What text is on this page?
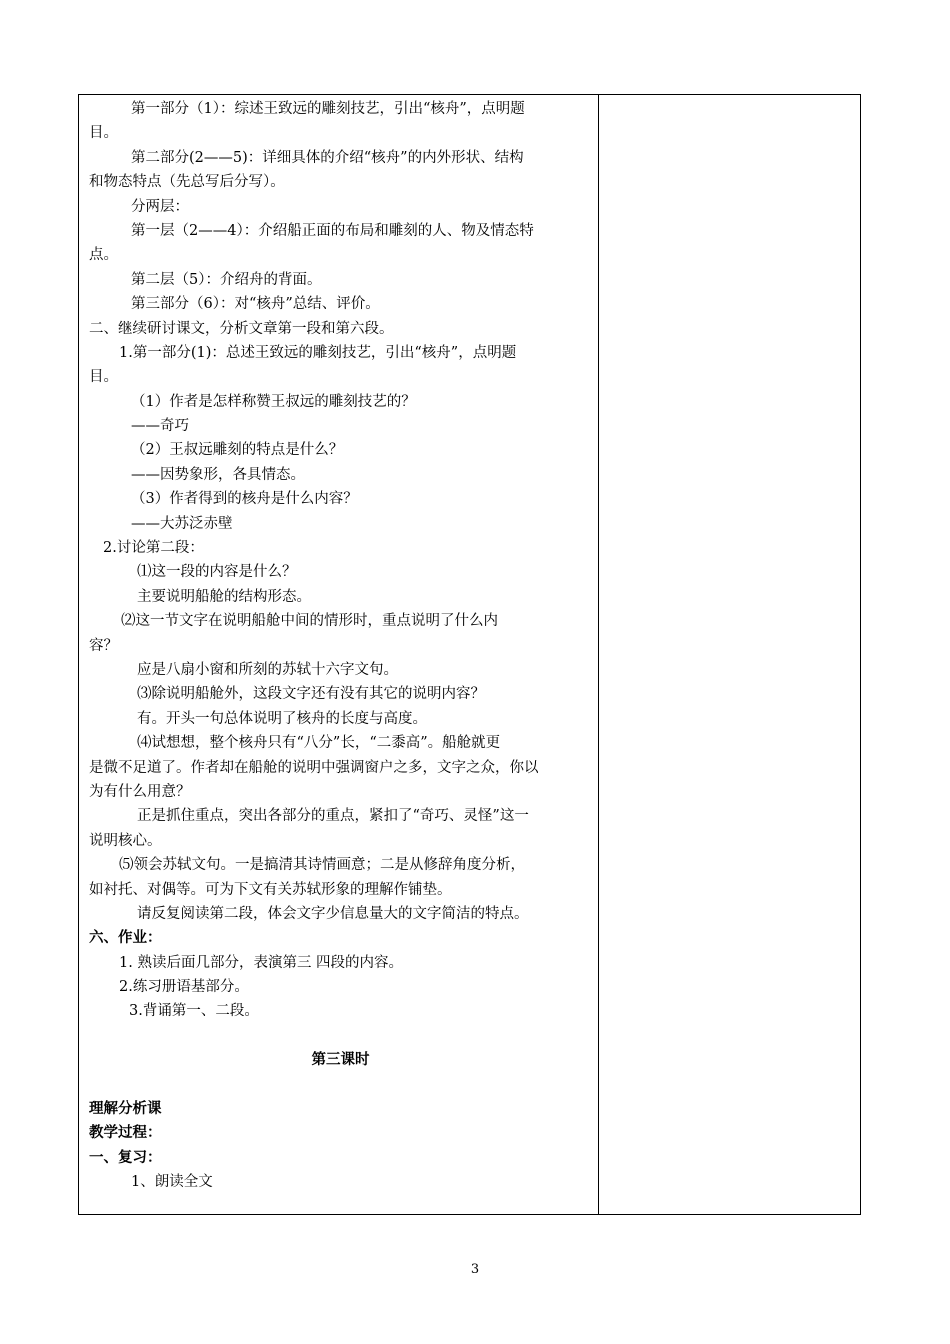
第一部分（1）：综述王致远的雕刻技艺，引出“核舟”，点明题
目。
第二部分(2——5)：详细具体的介绍“核舟”的内外形状、结构
和物态特点（先总写后分写）。
分两层：
第一层（2——4）：介绍船正面的布局和雕刻的人、物及情态特
点。
第二层（5）：介绍舟的背面。
第三部分（6）：对“核舟”总结、评价。
二、继续研讨课文，分析文章第一段和第六段。
1.第一部分(1)：总述王致远的雕刻技艺，引出“核舟”，点明题
目。
（1）作者是怎样称赞王叔远的雕刻技艺的？
——奇巧
（2）王叔远雕刻的特点是什么？
——因势象形，各具情态。
（3）作者得到的核舟是什么内容？
——大苏泛赤壁
2.讨论第二段：
⑴这一段的内容是什么？
主要说明船舱的结构形态。
⑵这一节文字在说明船舱中间的情形时，重点说明了什么内
容？
应是八扇小窗和所刻的苏轼十六字文句。
⑶除说明船舱外，这段文字还有没有其它的说明内容？
有。开头一句总体说明了核舟的长度与高度。
⑷试想想，整个核舟只有“八分”长，“二黍高”。船舱就更
是微不足道了。作者却在船舱的说明中强调窗户之多，文字之众，你以
为有什么用意？
正是抓住重点，突出各部分的重点，紧扣了“奇巧、灵怪”这一
说明核心。
⑸领会苏轼文句。一是搞清其诗情画意；二是从修辞角度分析，
如衬托、对偶等。可为下文有关苏轼形象的理解作铺垫。
请反复阅读第二段，体会文字少信息量大的文字简洁的特点。
六、作业：
1. 熟读后面几部分，表演第三 四段的内容。
2.练习册语基部分。
3.背诵第一、二段。
第三课时
理解分析课
教学过程：
一、复习：
1、朗读全文
3
